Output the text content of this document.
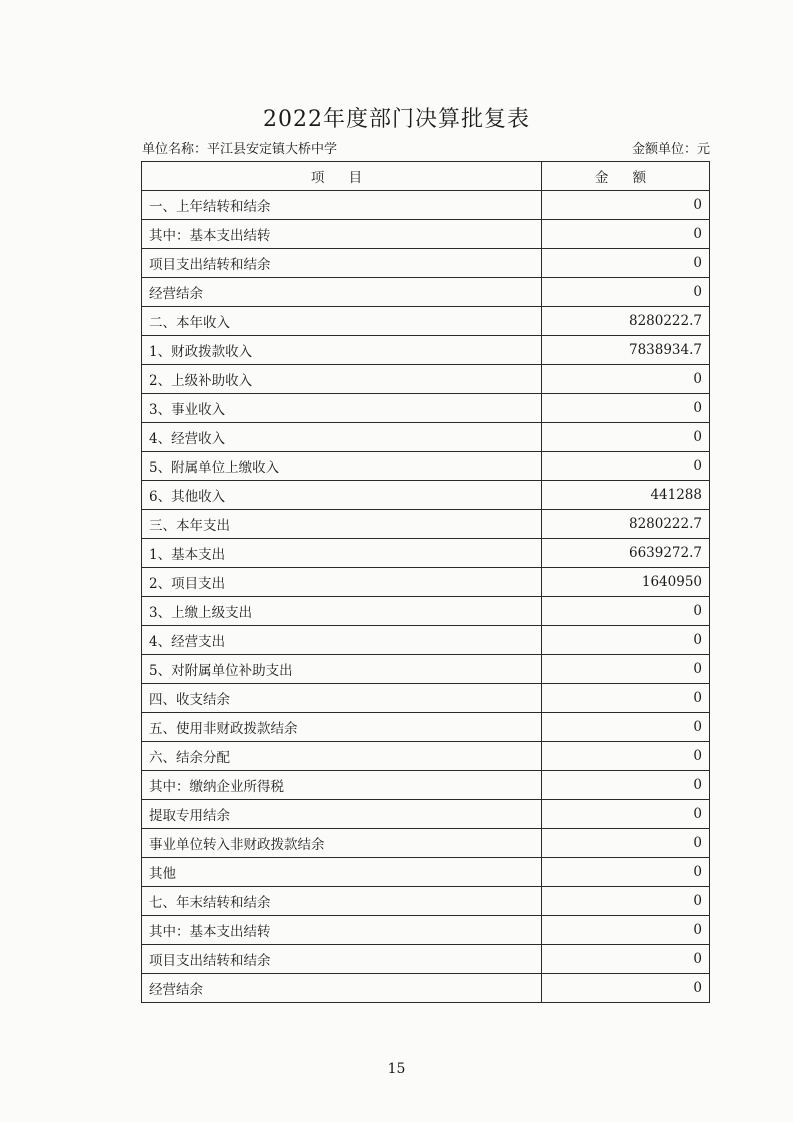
2022年度部门决算批复表
单位名称：平江县安定镇大桥中学	金额单位：元
项 目	金 额
一、上年结转和结余	0
其中：基本支出结转	0
项目支出结转和结余	0
经营结余	0
二、本年收入	8280222.7
1、财政拨款收入	7838934.7
2、上级补助收入	0
3、事业收入	0
4、经营收入	0
5、附属单位上缴收入	0
6、其他收入	441288
三、本年支出	8280222.7
1、基本支出	6639272.7
2、项目支出	1640950
3、上缴上级支出	0
4、经营支出	0
5、对附属单位补助支出	0
四、收支结余	0
五、使用非财政拨款结余	0
六、结余分配	0
其中：缴纳企业所得税	0
提取专用结余	0
事业单位转入非财政拨款结余	0
其他	0
七、年末结转和结余	0
其中：基本支出结转	0
项目支出结转和结余	0
经营结余	0
15
